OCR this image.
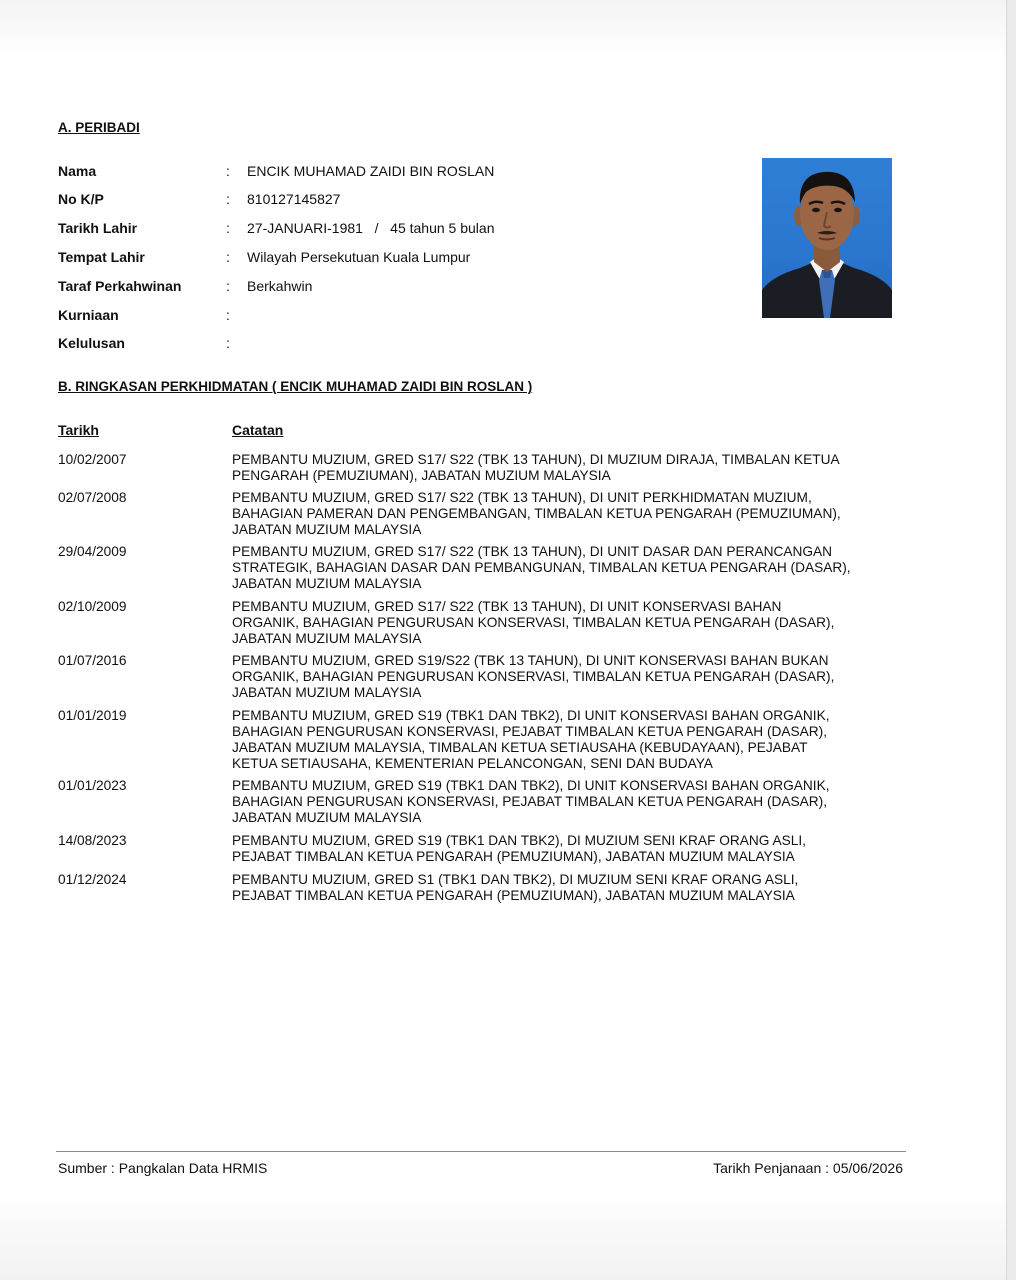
A. PERIBADI
Nama	: ENCIK MUHAMAD ZAIDI BIN ROSLAN
No K/P	: 810127145827
Tarikh Lahir	: 27-JANUARI-1981   /   45 tahun 5 bulan
Tempat Lahir	: Wilayah Persekutuan Kuala Lumpur
Taraf Perkahwinan	: Berkahwin
Kurniaan	:
Kelulusan	:
B. RINGKASAN PERKHIDMATAN ( ENCIK MUHAMAD ZAIDI BIN ROSLAN )
Tarikh	Catatan
10/02/2007	PEMBANTU MUZIUM, GRED S17/ S22 (TBK 13 TAHUN), DI MUZIUM DIRAJA, TIMBALAN KETUA
PENGARAH (PEMUZIUMAN), JABATAN MUZIUM MALAYSIA
02/07/2008	PEMBANTU MUZIUM, GRED S17/ S22 (TBK 13 TAHUN), DI UNIT PERKHIDMATAN MUZIUM,
BAHAGIAN PAMERAN DAN PENGEMBANGAN, TIMBALAN KETUA PENGARAH (PEMUZIUMAN),
JABATAN MUZIUM MALAYSIA
29/04/2009	PEMBANTU MUZIUM, GRED S17/ S22 (TBK 13 TAHUN), DI UNIT DASAR DAN PERANCANGAN
STRATEGIK, BAHAGIAN DASAR DAN PEMBANGUNAN, TIMBALAN KETUA PENGARAH (DASAR),
JABATAN MUZIUM MALAYSIA
02/10/2009	PEMBANTU MUZIUM, GRED S17/ S22 (TBK 13 TAHUN), DI UNIT KONSERVASI BAHAN
ORGANIK, BAHAGIAN PENGURUSAN KONSERVASI, TIMBALAN KETUA PENGARAH (DASAR),
JABATAN MUZIUM MALAYSIA
01/07/2016	PEMBANTU MUZIUM, GRED S19/S22 (TBK 13 TAHUN), DI UNIT KONSERVASI BAHAN BUKAN
ORGANIK, BAHAGIAN PENGURUSAN KONSERVASI, TIMBALAN KETUA PENGARAH (DASAR),
JABATAN MUZIUM MALAYSIA
01/01/2019	PEMBANTU MUZIUM, GRED S19 (TBK1 DAN TBK2), DI UNIT KONSERVASI BAHAN ORGANIK,
BAHAGIAN PENGURUSAN KONSERVASI, PEJABAT TIMBALAN KETUA PENGARAH (DASAR),
JABATAN MUZIUM MALAYSIA, TIMBALAN KETUA SETIAUSAHA (KEBUDAYAAN), PEJABAT
KETUA SETIAUSAHA, KEMENTERIAN PELANCONGAN, SENI DAN BUDAYA
01/01/2023	PEMBANTU MUZIUM, GRED S19 (TBK1 DAN TBK2), DI UNIT KONSERVASI BAHAN ORGANIK,
BAHAGIAN PENGURUSAN KONSERVASI, PEJABAT TIMBALAN KETUA PENGARAH (DASAR),
JABATAN MUZIUM MALAYSIA
14/08/2023	PEMBANTU MUZIUM, GRED S19 (TBK1 DAN TBK2), DI MUZIUM SENI KRAF ORANG ASLI,
PEJABAT TIMBALAN KETUA PENGARAH (PEMUZIUMAN), JABATAN MUZIUM MALAYSIA
01/12/2024	PEMBANTU MUZIUM, GRED S1 (TBK1 DAN TBK2), DI MUZIUM SENI KRAF ORANG ASLI,
PEJABAT TIMBALAN KETUA PENGARAH (PEMUZIUMAN), JABATAN MUZIUM MALAYSIA
Sumber : Pangkalan Data HRMIS	Tarikh Penjanaan : 05/06/2026
